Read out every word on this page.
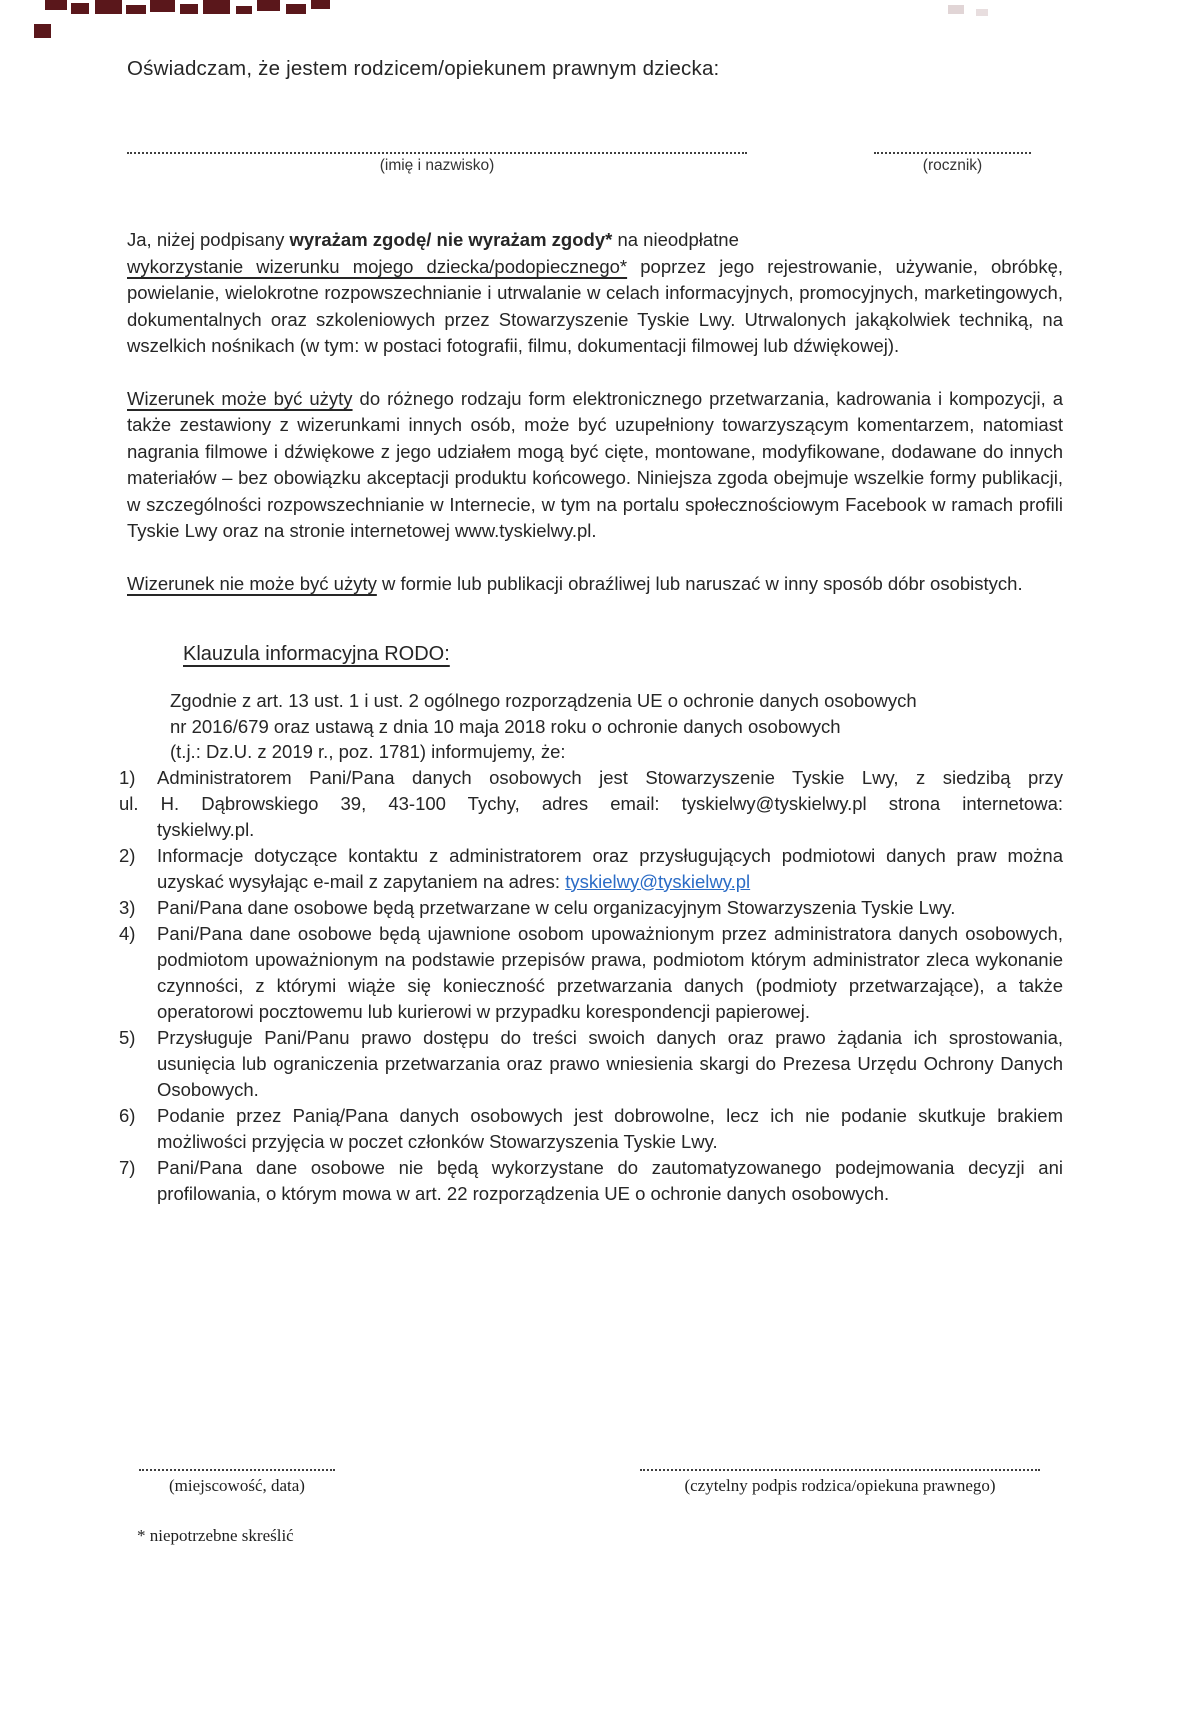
Oświadczam, że jestem rodzicem/opiekunem prawnym dziecka:
(imię i nazwisko)	(rocznik)

Ja, niżej podpisany wyrażam zgodę/ nie wyrażam zgody* na nieodpłatne
wykorzystanie wizerunku mojego dziecka/podopiecznego* poprzez jego rejestrowanie, używanie, obróbkę, powielanie, wielokrotne rozpowszechnianie i utrwalanie w celach informacyjnych, promocyjnych, marketingowych, dokumentalnych oraz szkoleniowych przez Stowarzyszenie Tyskie Lwy. Utrwalonych jakąkolwiek techniką, na wszelkich nośnikach (w tym: w postaci fotografii, filmu, dokumentacji filmowej lub dźwiękowej).

Wizerunek może być użyty do różnego rodzaju form elektronicznego przetwarzania, kadrowania i kompozycji, a także zestawiony z wizerunkami innych osób, może być uzupełniony towarzyszącym komentarzem, natomiast nagrania filmowe i dźwiękowe z jego udziałem mogą być cięte, montowane, modyfikowane, dodawane do innych materiałów – bez obowiązku akceptacji produktu końcowego. Niniejsza zgoda obejmuje wszelkie formy publikacji, w szczególności rozpowszechnianie w Internecie, w tym na portalu społecznościowym Facebook w ramach profili Tyskie Lwy oraz na stronie internetowej www.tyskielwy.pl.

Wizerunek nie może być użyty w formie lub publikacji obraźliwej lub naruszać w inny sposób dóbr osobistych.

Klauzula informacyjna RODO:

Zgodnie z art. 13 ust. 1 i ust. 2 ogólnego rozporządzenia UE o ochronie danych osobowych
nr 2016/679 oraz ustawą z dnia 10 maja 2018 roku o ochronie danych osobowych
(t.j.: Dz.U. z 2019 r., poz. 1781) informujemy, że:

1)	Administratorem Pani/Pana danych osobowych jest Stowarzyszenie Tyskie Lwy, z siedzibą przy

ul. H. Dąbrowskiego 39, 43-100 Tychy, adres email: tyskielwy@tyskielwy.pl strona internetowa:
tyskielwy.pl.

2)	Informacje dotyczące kontaktu z administratorem oraz przysługujących podmiotowi danych praw można uzyskać wysyłając e-mail z zapytaniem na adres: tyskielwy@tyskielwy.pl
3)	Pani/Pana dane osobowe będą przetwarzane w celu organizacyjnym Stowarzyszenia Tyskie Lwy.
4)	Pani/Pana dane osobowe będą ujawnione osobom upoważnionym przez administratora danych osobowych, podmiotom upoważnionym na podstawie przepisów prawa, podmiotom którym administrator zleca wykonanie czynności, z którymi wiąże się konieczność przetwarzania danych (podmioty przetwarzające), a także operatorowi pocztowemu lub kurierowi w przypadku korespondencji papierowej.
5)	Przysługuje Pani/Panu prawo dostępu do treści swoich danych oraz prawo żądania ich sprostowania, usunięcia lub ograniczenia przetwarzania oraz prawo wniesienia skargi do Prezesa Urzędu Ochrony Danych Osobowych.
6)	Podanie przez Panią/Pana danych osobowych jest dobrowolne, lecz ich nie podanie skutkuje brakiem możliwości przyjęcia w poczet członków Stowarzyszenia Tyskie Lwy.
7)	Pani/Pana dane osobowe nie będą wykorzystane do zautomatyzowanego podejmowania decyzji ani profilowania, o którym mowa w art. 22 rozporządzenia UE o ochronie danych osobowych.
(miejscowość, data)	(czytelny podpis rodzica/opiekuna prawnego)
* niepotrzebne skreślić
